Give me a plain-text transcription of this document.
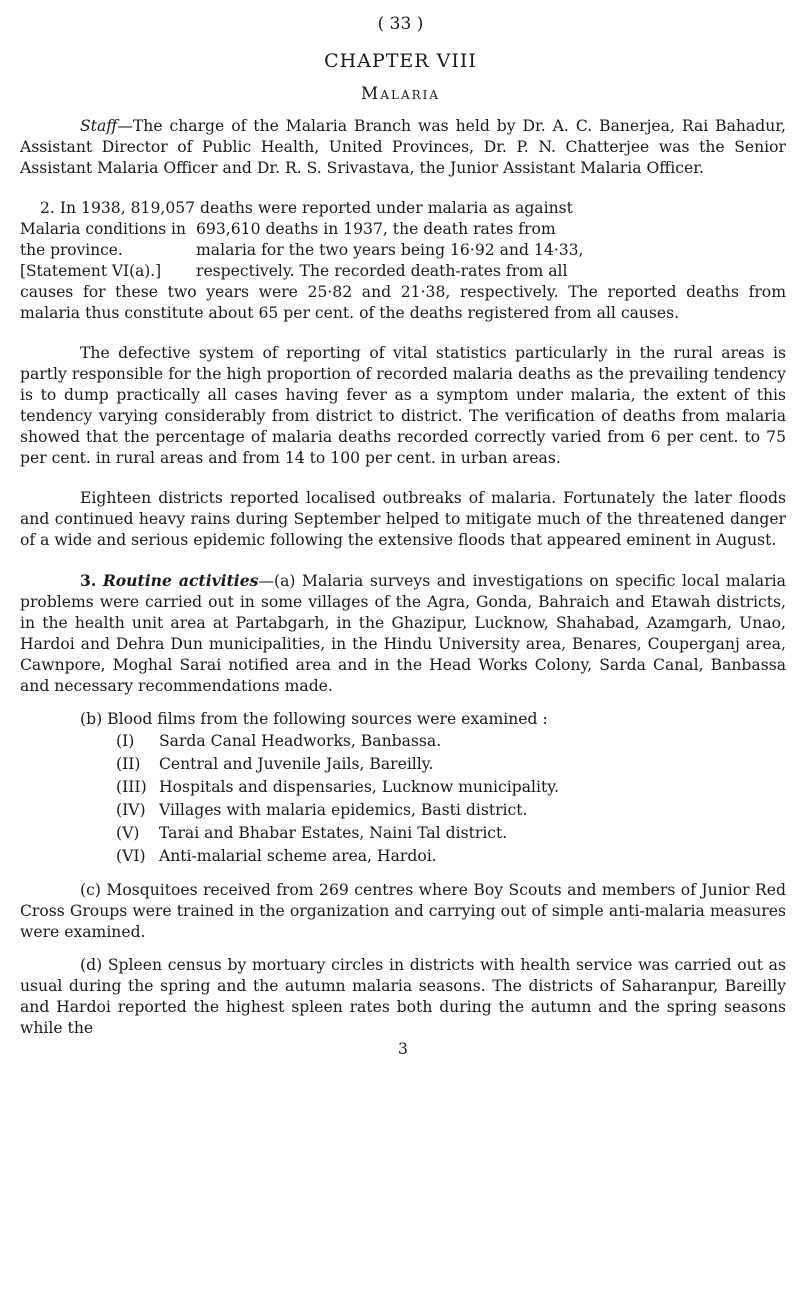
( 33 )
CHAPTER VIII
Malaria

Staff—The charge of the Malaria Branch was held by Dr. A. C. Banerjea, Rai Bahadur, Assistant Director of Public Health, United Provinces, Dr. P. N. Chatterjee was the Senior Assistant Malaria Officer and Dr. R. S. Srivastava, the Junior Assistant Malaria Officer.

2. In 1938, 819,057 deaths were reported under malaria as against
Malaria conditions in the province. [Statement VI(a).]
693,610 deaths in 1937, the death rates from
malaria for the two years being 16·92 and 14·33,
respectively. The recorded death-rates from all

causes for these two years were 25·82 and 21·38, respectively. The reported deaths from malaria thus constitute about 65 per cent. of the deaths registered from all causes.

The defective system of reporting of vital statistics particularly in the rural areas is partly responsible for the high proportion of recorded malaria deaths as the prevailing tendency is to dump practically all cases having fever as a symptom under malaria, the extent of this tendency varying considerably from district to district. The verification of deaths from malaria showed that the percentage of malaria deaths recorded correctly varied from 6 per cent. to 75 per cent. in rural areas and from 14 to 100 per cent. in urban areas.

Eighteen districts reported localised outbreaks of malaria. Fortunately the later floods and continued heavy rains during September helped to mitigate much of the threatened danger of a wide and serious epidemic following the extensive floods that appeared eminent in August.

3. Routine activities—(a) Malaria surveys and investigations on specific local malaria problems were carried out in some villages of the Agra, Gonda, Bahraich and Etawah districts, in the health unit area at Partabgarh, in the Ghazipur, Lucknow, Shahabad, Azamgarh, Unao, Hardoi and Dehra Dun municipalities, in the Hindu University area, Benares, Couperganj area, Cawnpore, Moghal Sarai notified area and in the Head Works Colony, Sarda Canal, Banbassa and necessary recommendations made.

(b) Blood films from the following sources were examined :

(I) Sarda Canal Headworks, Banbassa.
(II) Central and Juvenile Jails, Bareilly.
(III) Hospitals and dispensaries, Lucknow municipality.
(IV) Villages with malaria epidemics, Basti district.
(V) Tarai and Bhabar Estates, Naini Tal district.
(VI) Anti-malarial scheme area, Hardoi.

(c) Mosquitoes received from 269 centres where Boy Scouts and members of Junior Red Cross Groups were trained in the organization and carrying out of simple anti-malaria measures were examined.

(d) Spleen census by mortuary circles in districts with health service was carried out as usual during the spring and the autumn malaria seasons. The districts of Saharanpur, Bareilly and Hardoi reported the highest spleen rates both during the autumn and the spring seasons while the

3
